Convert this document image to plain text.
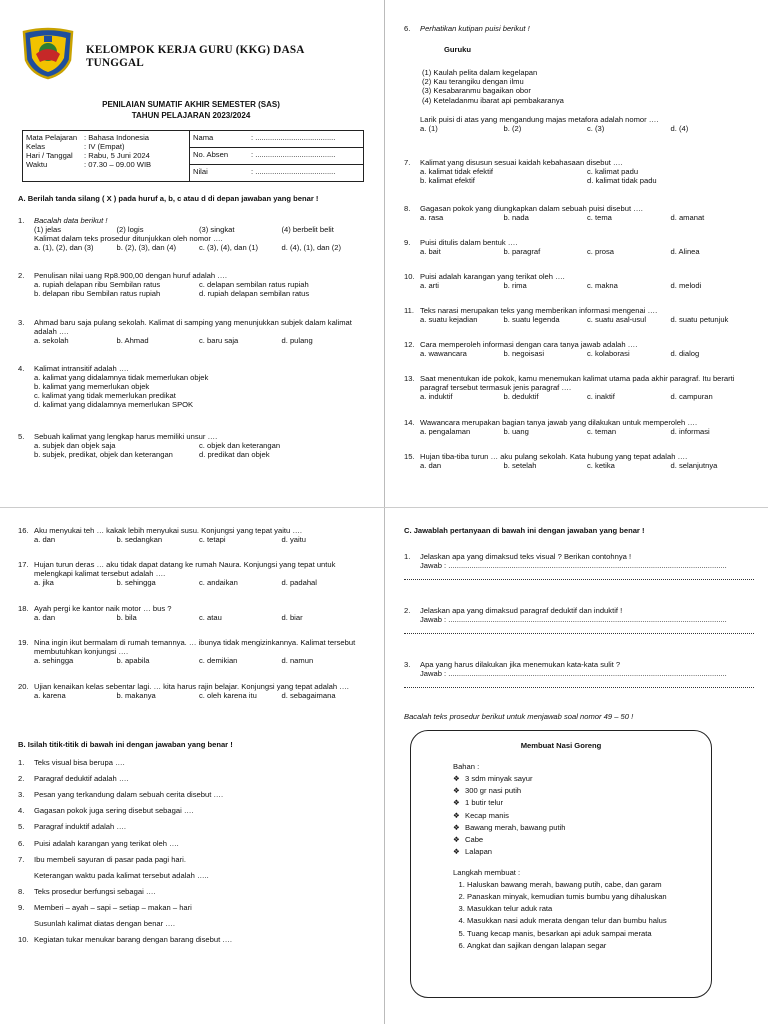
KELOMPOK KERJA GURU (KKG) DASA TUNGGAL
PENILAIAN SUMATIF AKHIR SEMESTER (SAS)
TAHUN PELAJARAN 2023/2024
Mata Pelajaran : Bahasa Indonesia
Kelas	: IV (Empat)
Hari / Tanggal	: Rabu, 5 Juni 2024
Waktu	: 07.30 – 09.00 WIB

Nama	: ......................................
No. Absen	: ......................................
Nilai	: ......................................
A. Berilah tanda silang ( X ) pada huruf a, b, c atau d di depan jawaban yang benar !
1.	Bacalah data berikut !
(1) jelas	(2) logis	(3) singkat	(4) berbelit belit
Kalimat dalam teks prosedur ditunjukkan oleh nomor ….
a. (1), (2), dan (3)	b. (2), (3), dan (4)	c. (3), (4), dan (1)	d. (4), (1), dan (2)
2.	Penulisan nilai uang Rp8.900,00 dengan huruf adalah ….
a. rupiah delapan ribu Sembilan ratus	c. delapan sembilan ratus rupiah
b. delapan ribu Sembilan ratus rupiah	d. rupiah delapan sembilan ratus
3.	Ahmad baru saja pulang sekolah. Kalimat di samping yang menunjukkan subjek dalam kalimat adalah ….
a. sekolah	b. Ahmad	c. baru saja	d. pulang
4.	Kalimat intransitif adalah ….
a. kalimat yang didalamnya tidak memerlukan objek
b. kalimat yang memerlukan objek
c. kalimat yang tidak memerlukan predikat
d. kalimat yang didalamnya memerlukan SPOK
5.	Sebuah kalimat yang lengkap harus memiliki unsur ….
a. subjek dan objek saja	c. objek dan keterangan
b. subjek, predikat, objek dan keterangan	d. predikat dan objek
6.	Perhatikan kutipan puisi berikut !
Guruku
(1) Kaulah pelita dalam kegelapan
(2) Kau terangiku dengan ilmu
(3) Kesabaranmu bagaikan obor
(4) Keteladanmu ibarat api pembakaranya
Larik puisi di atas yang mengandung majas metafora adalah nomor ….
a. (1)	b. (2)	c. (3)	d. (4)
7.	Kalimat yang disusun sesuai kaidah kebahasaan disebut ….
a. kalimat tidak efektif	c. kalimat padu
b. kalimat efektif	d. kalimat tidak padu
8.	Gagasan pokok yang diungkapkan dalam sebuah puisi disebut ….
a. rasa	b. nada	c. tema	d. amanat
9.	Puisi ditulis dalam bentuk ….
a. bait	b. paragraf	c. prosa	d. Alinea
10. Puisi adalah karangan yang terikat oleh ….
a. arti	b. rima	c. makna	d. melodi
11. Teks narasi merupakan teks yang memberikan informasi mengenai ….
a. suatu kejadian	b. suatu legenda	c. suatu asal-usul	d. suatu petunjuk
12. Cara memperoleh informasi dengan cara tanya jawab adalah ….
a. wawancara	b. negoisasi	c. kolaborasi	d. dialog
13. Saat menentukan ide pokok, kamu menemukan kalimat utama pada akhir paragraf. Itu berarti paragraf tersebut termasuk jenis paragraf ….
a. induktif	b. deduktif	c. inaktif	d. campuran
14. Wawancara merupakan bagian tanya jawab yang dilakukan untuk memperoleh ….
a. pengalaman	b. uang	c. teman	d. informasi
15. Hujan tiba-tiba turun … aku pulang sekolah. Kata hubung yang tepat adalah ….
a. dan	b. setelah	c. ketika	d. selanjutnya
16. Aku menyukai teh … kakak lebih menyukai susu. Konjungsi yang tepat yaitu ….
a. dan	b. sedangkan	c. tetapi	d. yaitu
17. Hujan turun deras … aku tidak dapat datang ke rumah Naura. Konjungsi yang tepat untuk melengkapi kalimat tersebut adalah ….
a. jika	b. sehingga	c. andaikan	d. padahal
18. Ayah pergi ke kantor naik motor … bus ?
a. dan	b. bila	c. atau	d. biar
19. Nina ingin ikut bermalam di rumah temannya. … ibunya tidak mengizinkannya. Kalimat tersebut membutuhkan konjungsi ….
a. sehingga	b. apabila	c. demikian	d. namun
20. Ujian kenaikan kelas sebentar lagi. … kita harus rajin belajar. Konjungsi yang tepat adalah ….
a. karena	b. makanya	c. oleh karena itu	d. sebagaimana
B. Isilah titik-titik di bawah ini dengan jawaban yang benar !
1.	Teks visual bisa berupa ….
2.	Paragraf deduktif adalah ….
3.	Pesan yang terkandung dalam sebuah cerita disebut ….
4.	Gagasan pokok juga sering disebut sebagai ….
5.	Paragraf induktif adalah ….
6.	Puisi adalah karangan yang terikat oleh ….
7.	Ibu membeli sayuran di pasar pada pagi hari.
Keterangan waktu pada kalimat tersebut adalah …..
8.	Teks prosedur berfungsi sebagai ….
9.	Memberi – ayah – sapi – setiap – makan – hari
Susunlah kalimat diatas dengan benar ….
10. Kegiatan tukar menukar barang dengan barang disebut ….
C. Jawablah pertanyaan di bawah ini dengan jawaban yang benar !
1.	Jelaskan apa yang dimaksud teks visual ? Berikan contohnya !
Jawab : ....................................................................................................................................
2.	Jelaskan apa yang dimaksud paragraf deduktif dan induktif !
Jawab : ....................................................................................................................................
3.	Apa yang harus dilakukan jika menemukan kata-kata sulit ?
Jawab : ....................................................................................................................................
Bacalah teks prosedur berikut untuk menjawab soal nomor 49 – 50 !
Membuat Nasi Goreng
Bahan :
❖ 3 sdm minyak sayur
❖ 300 gr nasi putih
❖ 1 butir telur
❖ Kecap manis
❖ Bawang merah, bawang putih
❖ Cabe
❖ Lalapan
Langkah membuat :
1. Haluskan bawang merah, bawang putih, cabe, dan garam
2. Panaskan minyak, kemudian tumis bumbu yang dihaluskan
3. Masukkan telur aduk rata
4. Masukkan nasi aduk merata dengan telur dan bumbu halus
5. Tuang kecap manis, besarkan api aduk sampai merata
6. Angkat dan sajikan dengan lalapan segar
